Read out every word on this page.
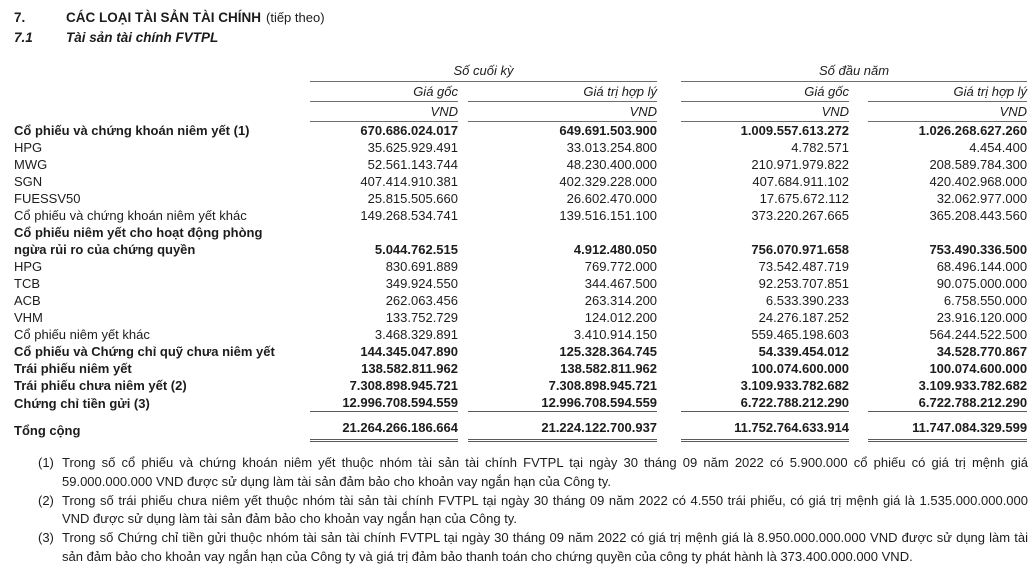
7.	CÁC LOẠI TÀI SẢN TÀI CHÍNH (tiếp theo)
7.1	Tài sản tài chính FVTPL
	Số cuối kỳ				Số đầu năm		
	Giá gốc		Giá trị hợp lý		Giá gốc		Giá trị hợp lý
	VND		VND		VND		VND

Cổ phiếu và chứng khoán niêm yết (1)	670.686.024.017		649.691.503.900		1.009.557.613.272		1.026.268.627.260

HPG	35.625.929.491		33.013.254.800		4.782.571		4.454.400

MWG	52.561.143.744		48.230.400.000		210.971.979.822		208.589.784.300

SGN	407.414.910.381		402.329.228.000		407.684.911.102		420.402.968.000

FUESSV50	25.815.505.660		26.602.470.000		17.675.672.112		32.062.977.000

Cổ phiếu và chứng khoán niêm yết khác	149.268.534.741		139.516.151.100		373.220.267.665		365.208.443.560

Cổ phiếu niêm yết cho hoạt động phòng ngừa rủi ro của chứng quyền	5.044.762.515		4.912.480.050		756.070.971.658		753.490.336.500

HPG	830.691.889		769.772.000		73.542.487.719		68.496.144.000

TCB	349.924.550		344.467.500		92.253.707.851		90.075.000.000

ACB	262.063.456		263.314.200		6.533.390.233		6.758.550.000

VHM	133.752.729		124.012.200		24.276.187.252		23.916.120.000

Cổ phiếu niêm yết khác	3.468.329.891		3.410.914.150		559.465.198.603		564.244.522.500

Cổ phiếu và Chứng chỉ quỹ chưa niêm yết	144.345.047.890		125.328.364.745		54.339.454.012		34.528.770.867

Trái phiếu niêm yết	138.582.811.962		138.582.811.962		100.074.600.000		100.074.600.000

Trái phiếu chưa niêm yết (2)	7.308.898.945.721		7.308.898.945.721		3.109.933.782.682		3.109.933.782.682

Chứng chỉ tiền gửi (3)	12.996.708.594.559		12.996.708.594.559		6.722.788.212.290		6.722.788.212.290

Tổng cộng	21.264.266.186.664		21.224.122.700.937		11.752.764.633.914		11.747.084.329.599
(1) Trong số cổ phiếu và chứng khoán niêm yết thuộc nhóm tài sản tài chính FVTPL tại ngày 30 tháng 09 năm 2022 có 5.900.000 cổ phiếu có giá trị mệnh giá 59.000.000.000 VND được sử dụng làm tài sản đảm bảo cho khoản vay ngắn hạn của Công ty.
(2) Trong số trái phiếu chưa niêm yết thuộc nhóm tài sản tài chính FVTPL tại ngày 30 tháng 09 năm 2022 có 4.550 trái phiếu, có giá trị mệnh giá là 1.535.000.000.000 VND được sử dụng làm tài sản đảm bảo cho khoản vay ngắn hạn của Công ty.
(3) Trong số Chứng chỉ tiền gửi thuộc nhóm tài sản tài chính FVTPL tại ngày 30 tháng 09 năm 2022 có giá trị mệnh giá là 8.950.000.000.000 VND được sử dụng làm tài sản đảm bảo cho khoản vay ngắn hạn của Công ty và giá trị đảm bảo thanh toán cho chứng quyền của công ty phát hành là 373.400.000.000 VND.
